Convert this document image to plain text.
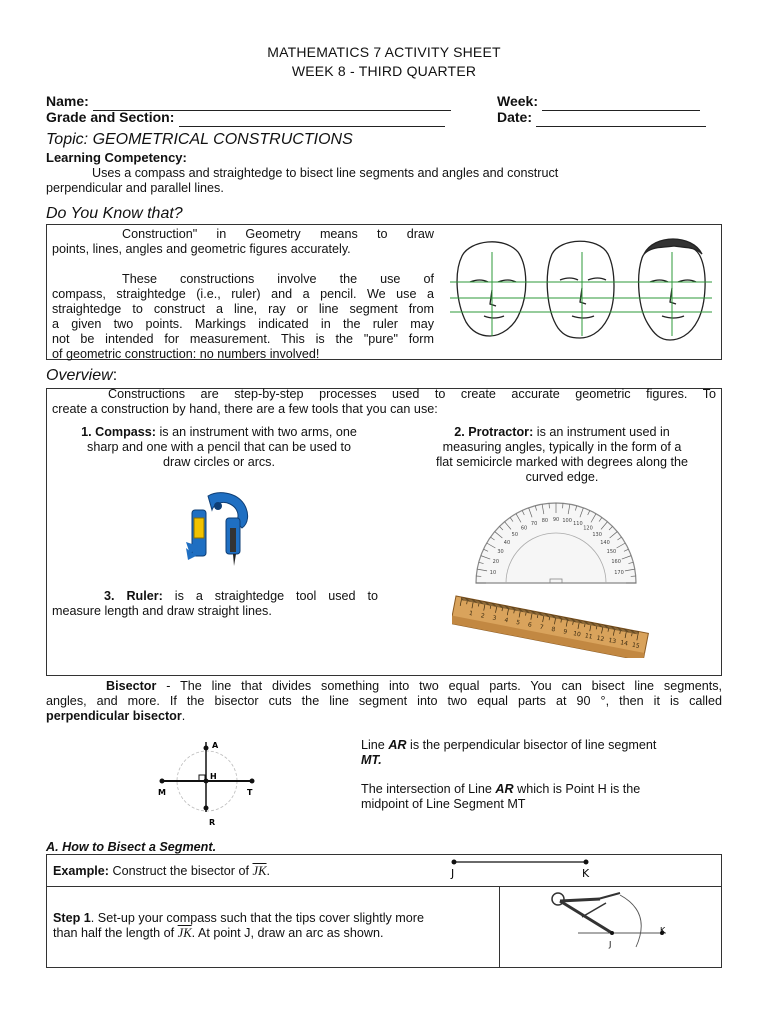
MATHEMATICS 7 ACTIVITY SHEET
WEEK 8 - THIRD QUARTER
Name:	Week:
Grade and Section:	Date:
Topic: GEOMETRICAL CONSTRUCTIONS
Learning Competency:
Uses a compass and straightedge to bisect line segments and angles and construct
perpendicular and parallel lines.
Do You Know that?
Construction" in Geometry means to draw
points, lines, angles and geometric figures accurately.
These constructions involve the use of
compass, straightedge (i.e., ruler) and a pencil. We use a
straightedge to construct a line, ray or line segment from
a given two points. Markings indicated in the ruler may
not be intended for measurement. This is the "pure" form
of geometric construction: no numbers involved!
Overview:
Constructions are step-by-step processes used to create accurate geometric figures. To
create a construction by hand, there are a few tools that you can use:
1. Compass: is an instrument with two arms, one
sharp and one with a pencil that can be used to
draw circles or arcs.
2. Protractor: is an instrument used in
measuring angles, typically in the form of a
flat semicircle marked with degrees along the
curved edge.
10
20
30
40
50
60
70 80 90 100 110
120
130
140
150
160
170
3. Ruler: is a straightedge tool used to
measure length and draw straight lines.	1 2 3 4 5 6 7 8 9 10 11 12 13 14 15
Bisector - The line that divides something into two equal parts. You can bisect line segments,
angles, and more. If the bisector cuts the line segment into two equal parts at 90 °, then it is called
perpendicular bisector.
A
H
M	T
R
Line AR is the perpendicular bisector of line segment
MT.
The intersection of Line AR which is Point H is the
midpoint of Line Segment MT
A. How to Bisect a Segment.
Example: Construct the bisector of $\overline{JK}$.	J	K
Step 1. Set-up your compass such that the tips cover slightly more
than half the length of $\overline{JK}$. At point J, draw an arc as shown.
J
K
